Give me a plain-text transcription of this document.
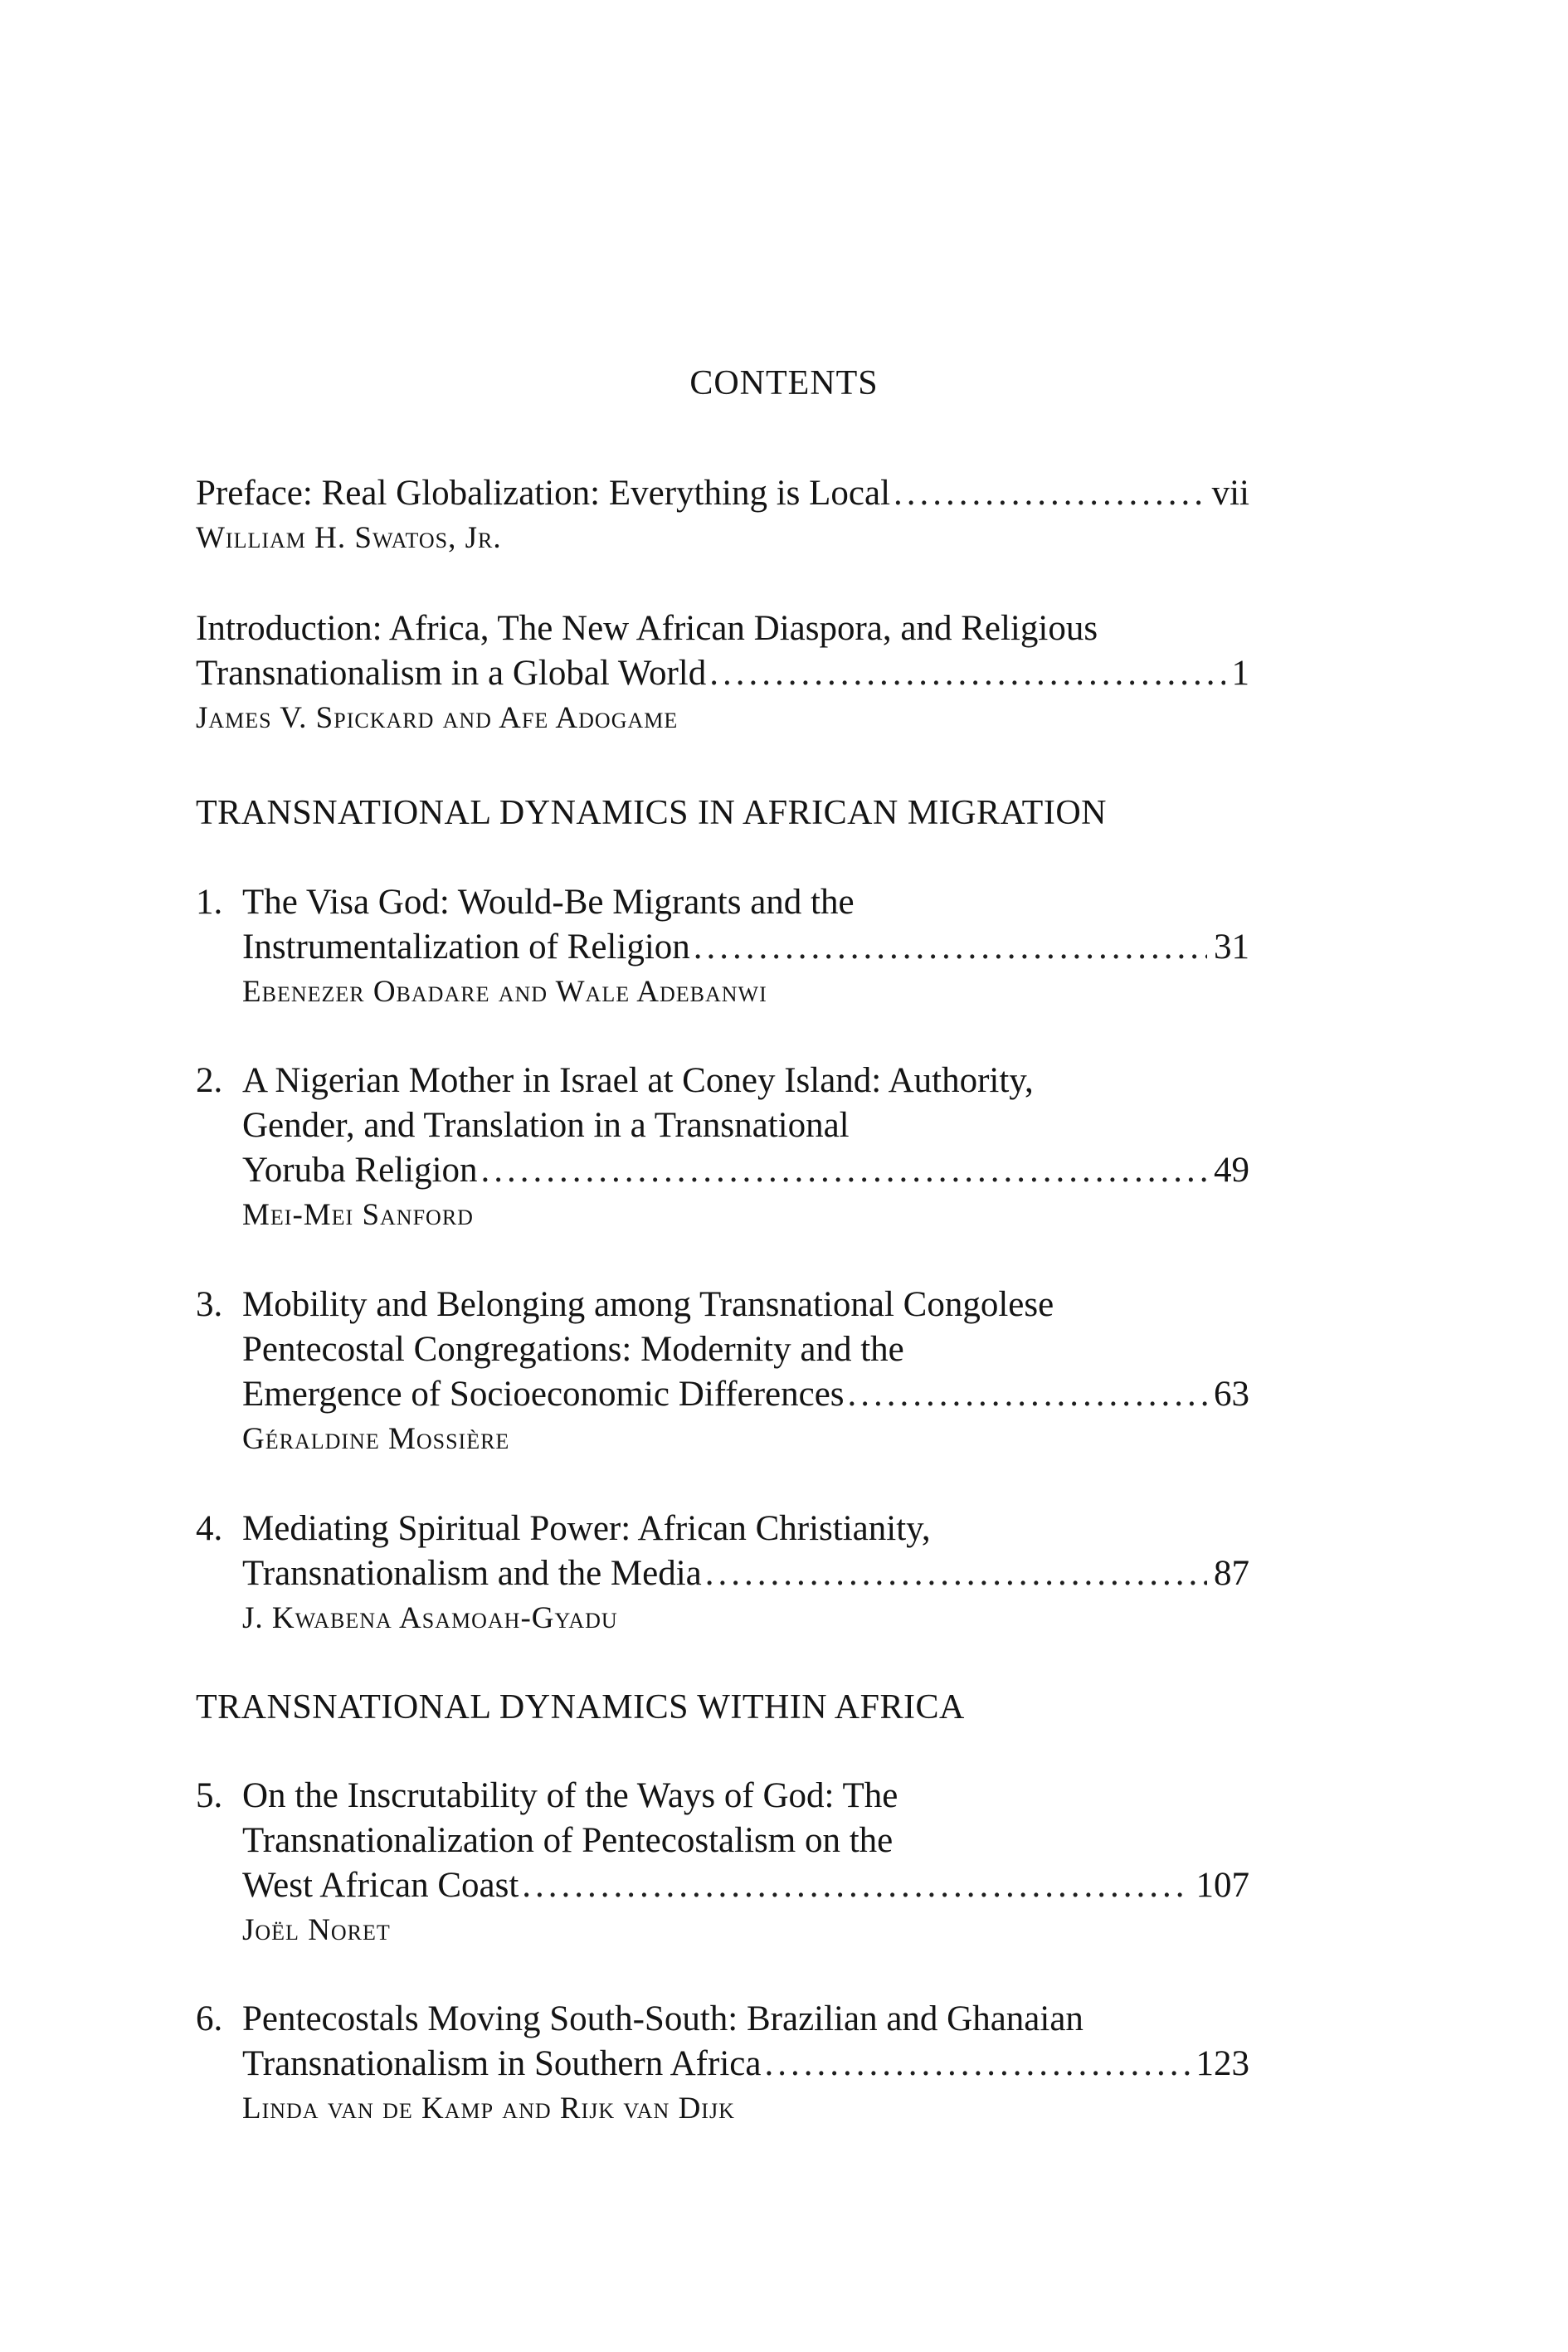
CONTENTS
Preface: Real Globalization: Everything is Local .....	vii
William H. Swatos, Jr.
Introduction: Africa, The New African Diaspora, and Religious
Transnationalism in a Global World .....	1
James V. Spickard and Afe Adogame
TRANSNATIONAL DYNAMICS IN AFRICAN MIGRATION
1. The Visa God: Would-Be Migrants and the
Instrumentalization of Religion .....	31
Ebenezer Obadare and Wale Adebanwi
2. A Nigerian Mother in Israel at Coney Island: Authority,
Gender, and Translation in a Transnational
Yoruba Religion .....	49
Mei-Mei Sanford
3. Mobility and Belonging among Transnational Congolese
Pentecostal Congregations: Modernity and the
Emergence of Socioeconomic Differences .....	63
Géraldine Mossière
4. Mediating Spiritual Power: African Christianity,
Transnationalism and the Media .....	87
J. Kwabena Asamoah-Gyadu
TRANSNATIONAL DYNAMICS WITHIN AFRICA
5. On the Inscrutability of the Ways of God: The
Transnationalization of Pentecostalism on the
West African Coast .....	107
Joël Noret
6. Pentecostals Moving South-South: Brazilian and Ghanaian
Transnationalism in Southern Africa .....	123
Linda van de Kamp and Rijk van Dijk
